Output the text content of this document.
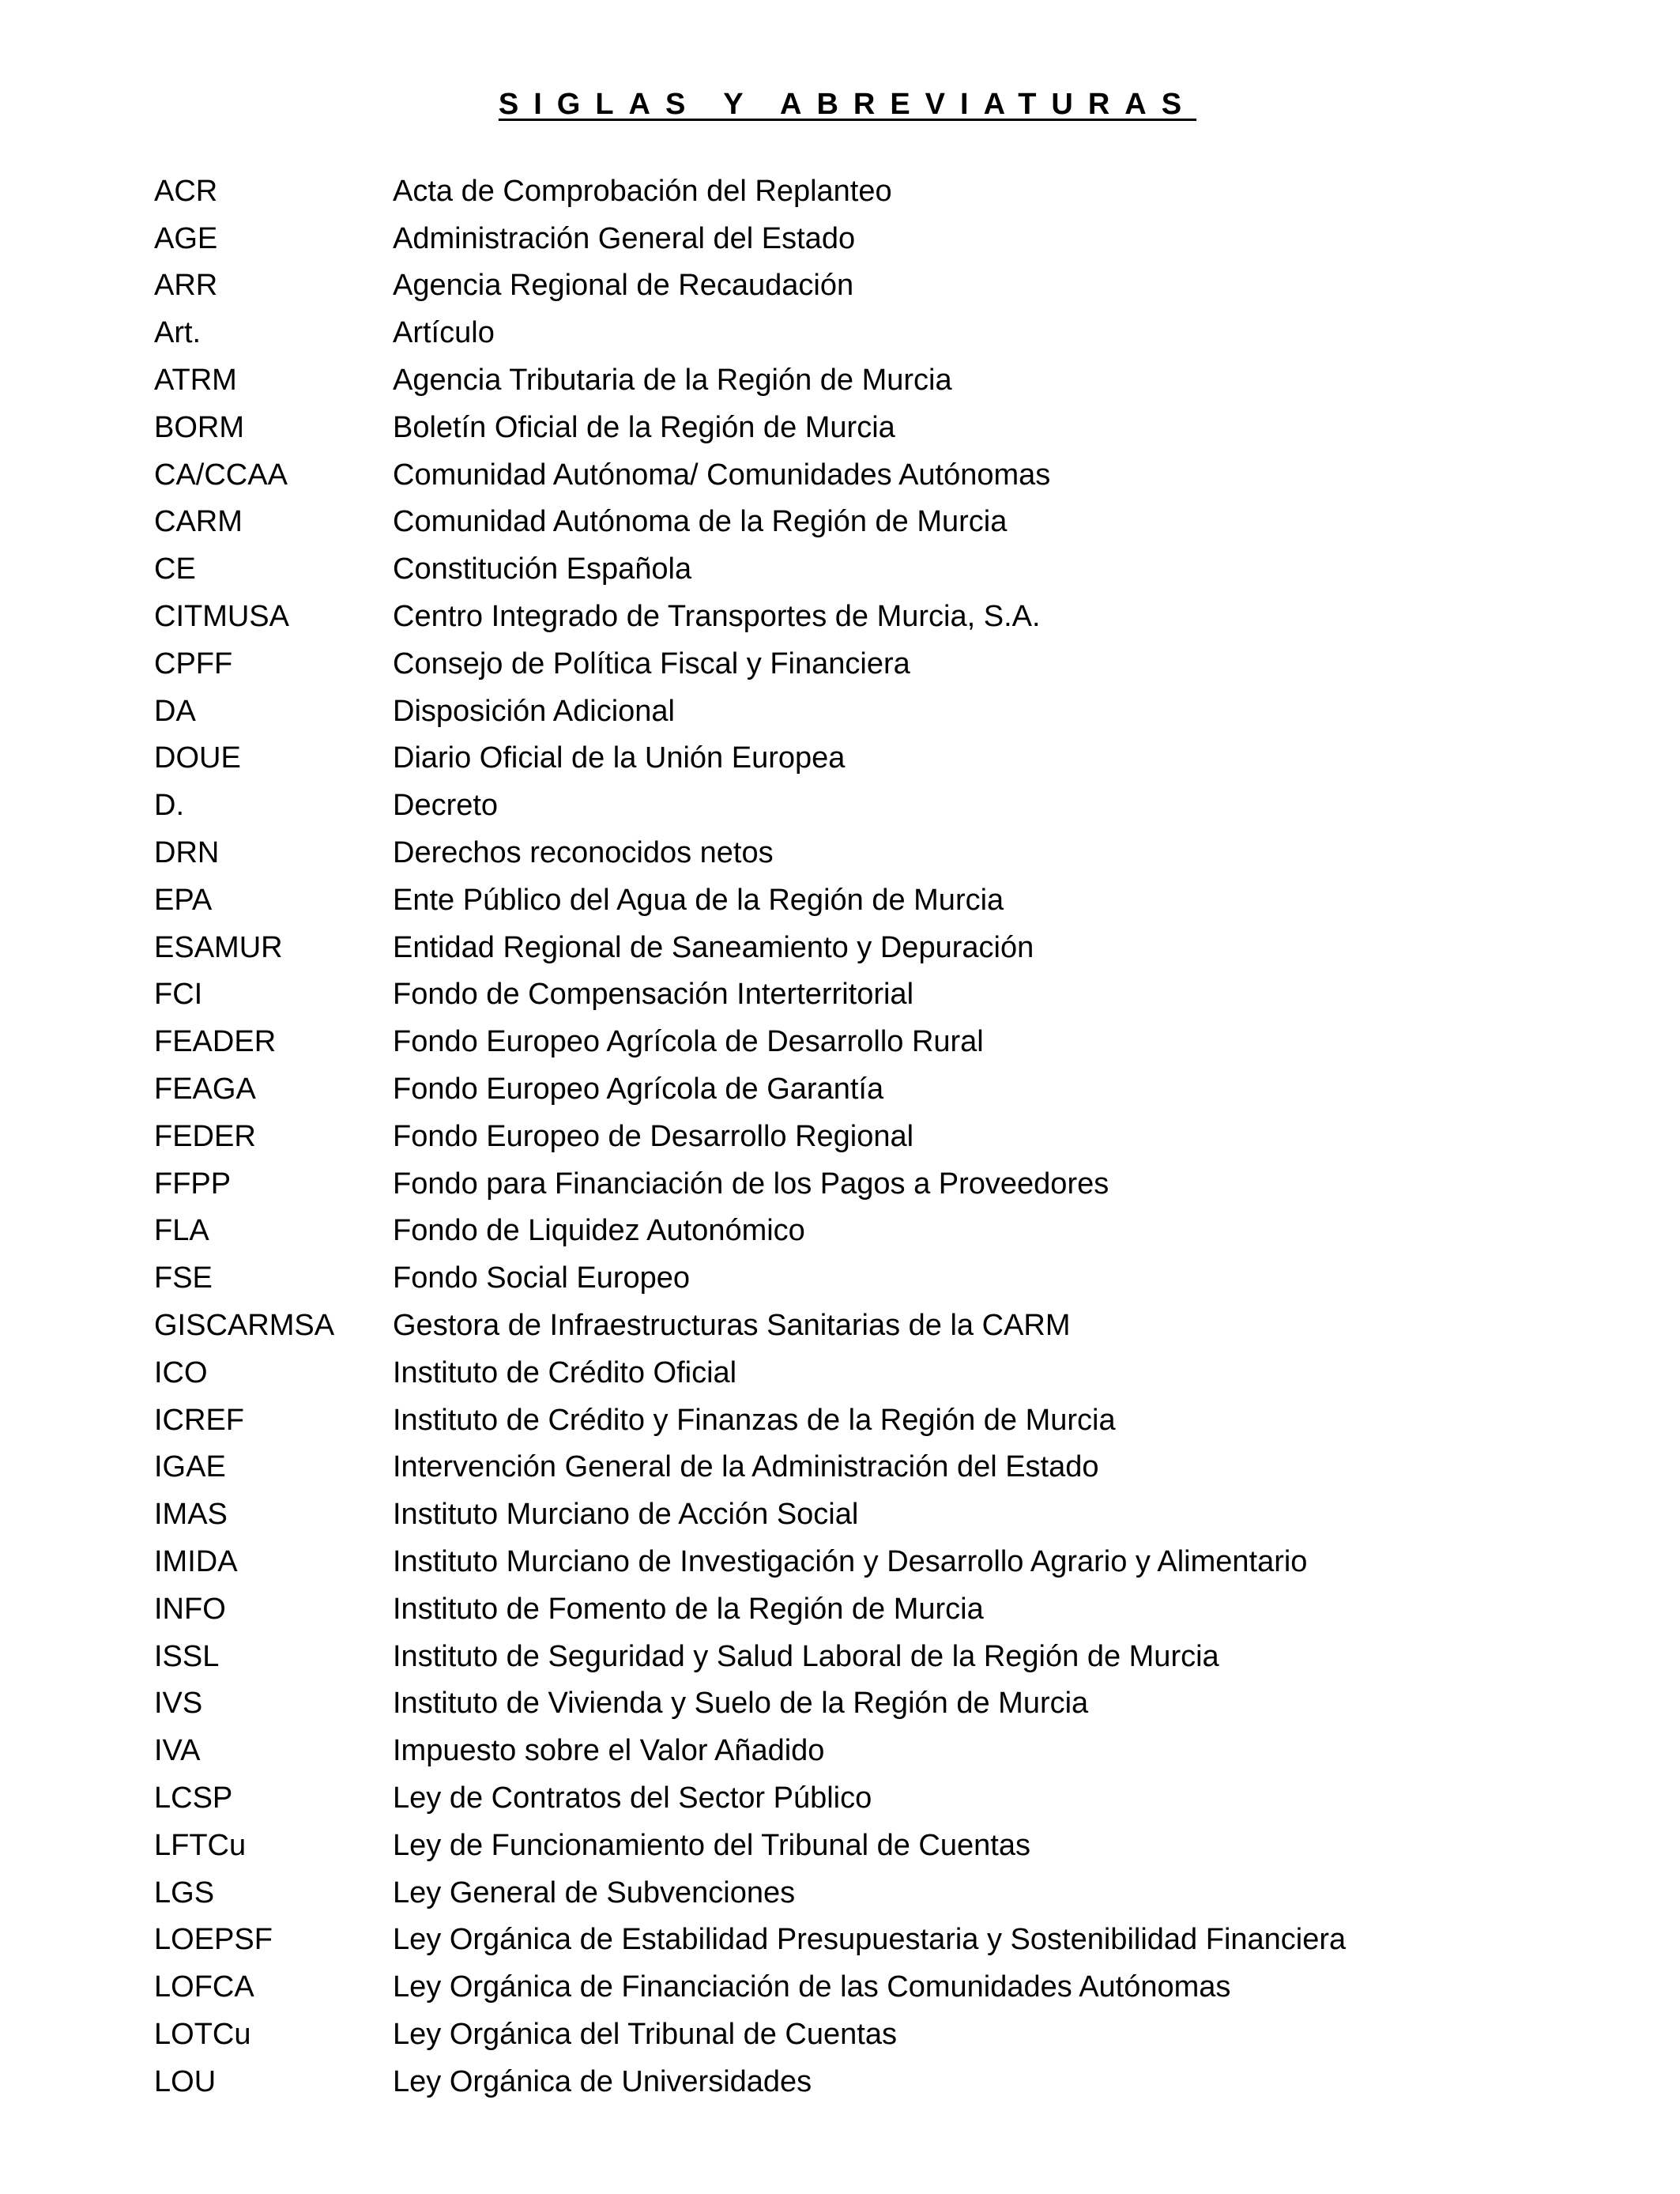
SIGLAS Y ABREVIATURAS
ACR	Acta de Comprobación del Replanteo
AGE	Administración General del Estado
ARR	Agencia Regional de Recaudación
Art.	Artículo
ATRM	Agencia Tributaria de la Región de Murcia
BORM	Boletín Oficial de la Región de Murcia
CA/CCAA	Comunidad Autónoma/ Comunidades Autónomas
CARM	Comunidad Autónoma de la Región de Murcia
CE	Constitución Española
CITMUSA	Centro Integrado de Transportes de Murcia, S.A.
CPFF	Consejo de Política Fiscal y Financiera
DA	Disposición Adicional
DOUE	Diario Oficial de la Unión Europea
D.	Decreto
DRN	Derechos reconocidos netos
EPA	Ente Público del Agua de la Región de Murcia
ESAMUR	Entidad Regional de Saneamiento y Depuración
FCI	Fondo de Compensación Interterritorial
FEADER	Fondo Europeo Agrícola de Desarrollo Rural
FEAGA	Fondo Europeo Agrícola de Garantía
FEDER	Fondo Europeo de Desarrollo Regional
FFPP	Fondo para Financiación de los Pagos a Proveedores
FLA	Fondo de Liquidez Autonómico
FSE	Fondo Social Europeo
GISCARMSA	Gestora de Infraestructuras Sanitarias de la CARM
ICO	Instituto de Crédito Oficial
ICREF	Instituto de Crédito y Finanzas de la Región de Murcia
IGAE	Intervención General de la Administración del Estado
IMAS	Instituto Murciano de Acción Social
IMIDA	Instituto Murciano de Investigación y Desarrollo Agrario y Alimentario
INFO	Instituto de Fomento de la Región de Murcia
ISSL	Instituto de Seguridad y Salud Laboral de la Región de Murcia
IVS	Instituto de Vivienda y Suelo de la Región de Murcia
IVA	Impuesto sobre el Valor Añadido
LCSP	Ley de Contratos del Sector Público
LFTCu	Ley de Funcionamiento del Tribunal de Cuentas
LGS	Ley General de Subvenciones
LOEPSF	Ley Orgánica de Estabilidad Presupuestaria y Sostenibilidad Financiera
LOFCA	Ley Orgánica de Financiación de las Comunidades Autónomas
LOTCu	Ley Orgánica del Tribunal de Cuentas
LOU	Ley Orgánica de Universidades
